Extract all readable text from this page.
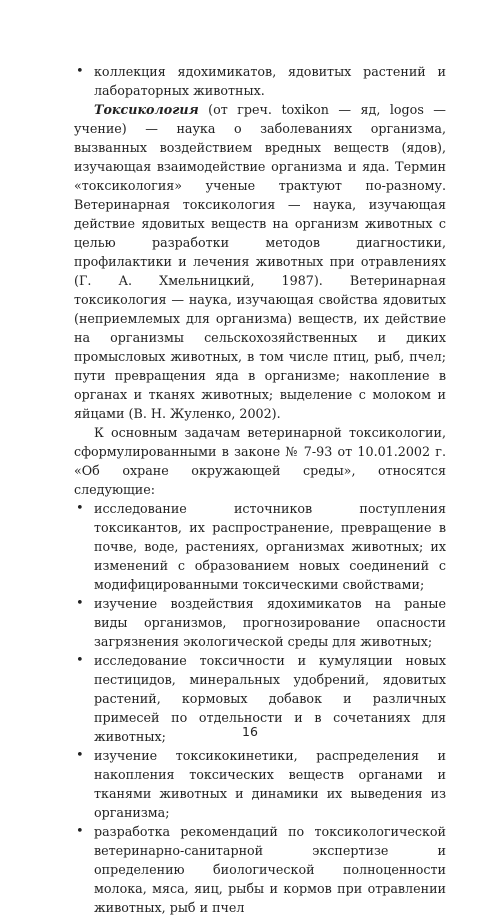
• коллекция ядохимикатов, ядовитых растений и лабораторных животных.

Токсикология (от греч. toxikon — яд, logos — учение) — наука о заболеваниях организма, вызванных воздействием вредных веществ (ядов), изучающая взаимодействие организма и яда. Термин «токсикология» ученые трактуют по-разному. Ветеринарная токсикология — наука, изучающая действие ядовитых веществ на организм животных с целью разработки методов диагностики, профилактики и лечения животных при отравлениях (Г. А. Хмельницкий, 1987). Ветеринарная токсикология — наука, изучающая свойства ядовитых (неприемлемых для организма) веществ, их действие на организмы сельскохозяйственных и диких промысловых животных, в том числе птиц, рыб, пчел; пути превращения яда в организме; накопление в органах и тканях животных; выделение с молоком и яйцами (В. Н. Жуленко, 2002).

К основным задачам ветеринарной токсикологии, сформулированными в законе № 7-93 от 10.01.2002 г. «Об охране окружающей среды», относятся следующие:

• исследование источников поступления токсикантов, их распространение, превращение в почве, воде, растениях, организмах животных; их изменений с образованием новых соединений с модифицированными токсическими свойствами;

• изучение воздействия ядохимикатов на раныe виды организмов, прогнозирование опасности загрязнения экологической среды для животных;

• исследование токсичности и кумуляции новых пестицидов, минеральных удобрений, ядовитых растений, кормовых добавок и различных примесей по отдельности и в сочетаниях для животных;

• изучение токсикокинетики, распределения и накопления токсических веществ органами и тканями животных и динамики их выведения из организма;

• разработка рекомендаций по токсикологической ветеринарно-санитарной экспертизе и определению биологической полноценности молока, мяса, яиц, рыбы и кормов при отравлении животных, рыб и пчел

16
